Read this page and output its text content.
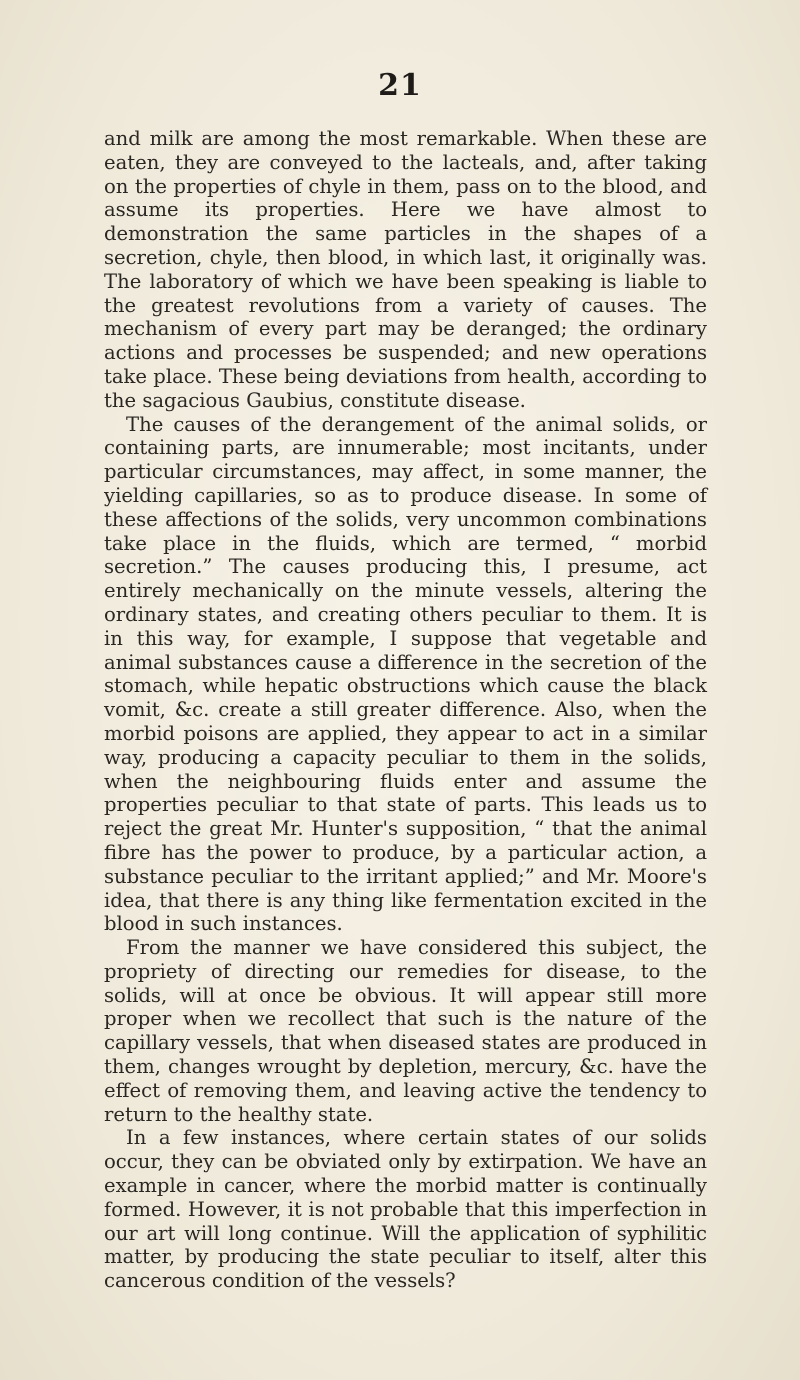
21

and milk are among the most remarkable. When these are eaten, they are conveyed to the lacteals, and, after taking on the properties of chyle in them, pass on to the blood, and assume its properties. Here we have almost to demonstration the same particles in the shapes of a secretion, chyle, then blood, in which last, it originally was. The laboratory of which we have been speaking is liable to the greatest revolutions from a variety of causes. The mechanism of every part may be deranged; the ordinary actions and processes be suspended; and new operations take place. These being deviations from health, according to the sagacious Gaubius, constitute disease.

The causes of the derangement of the animal solids, or containing parts, are innumerable; most incitants, under particular circumstances, may affect, in some manner, the yielding capillaries, so as to produce disease. In some of these affections of the solids, very uncommon combinations take place in the fluids, which are termed, “ morbid secretion.” The causes producing this, I presume, act entirely mechanically on the minute vessels, altering the ordinary states, and creating others peculiar to them. It is in this way, for example, I suppose that vegetable and animal substances cause a difference in the secretion of the stomach, while hepatic obstructions which cause the black vomit, &c. create a still greater difference. Also, when the morbid poisons are applied, they appear to act in a similar way, producing a capacity peculiar to them in the solids, when the neighbouring fluids enter and assume the properties peculiar to that state of parts. This leads us to reject the great Mr. Hunter's supposition, “ that the animal fibre has the power to produce, by a particular action, a substance peculiar to the irritant applied;” and Mr. Moore's idea, that there is any thing like fermentation excited in the blood in such instances.

From the manner we have considered this subject, the propriety of directing our remedies for disease, to the solids, will at once be obvious. It will appear still more proper when we recollect that such is the nature of the capillary vessels, that when diseased states are produced in them, changes wrought by depletion, mercury, &c. have the effect of removing them, and leaving active the tendency to return to the healthy state.

In a few instances, where certain states of our solids occur, they can be obviated only by extirpation. We have an example in cancer, where the morbid matter is continually formed. However, it is not probable that this imperfection in our art will long continue. Will the application of syphilitic matter, by producing the state peculiar to itself, alter this cancerous condition of the vessels?
